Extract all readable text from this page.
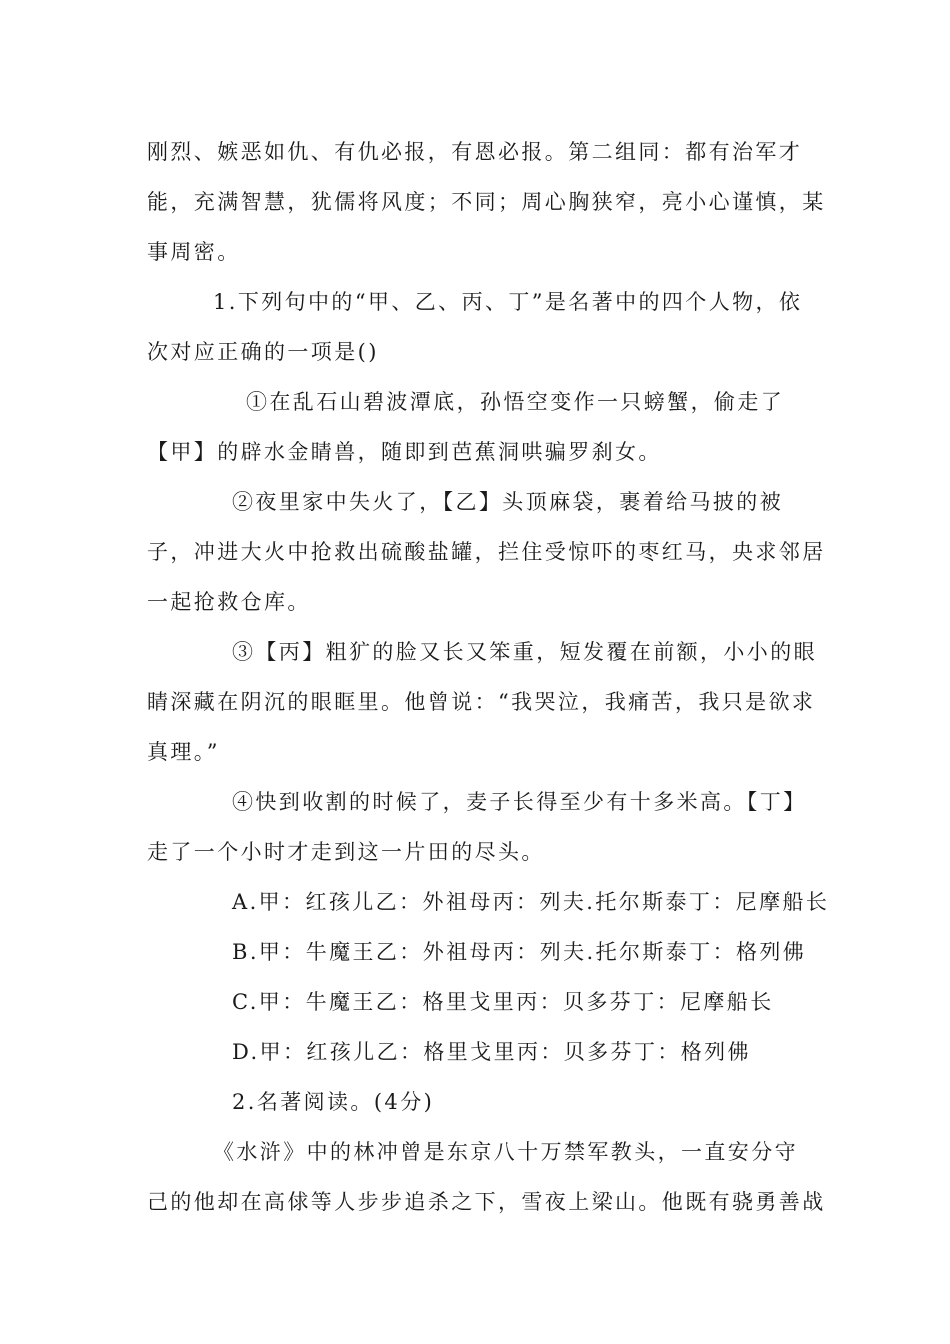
刚烈、嫉恶如仇、有仇必报，有恩必报。第二组同：都有治军才
能，充满智慧，犹儒将风度；不同；周心胸狭窄，亮小心谨慎，某
事周密。
1.下列句中的“甲、乙、丙、丁”是名著中的四个人物，依
次对应正确的一项是()
①在乱石山碧波潭底，孙悟空变作一只螃蟹，偷走了
【甲】的辟水金睛兽，随即到芭蕉洞哄骗罗刹女。
②夜里家中失火了，【乙】头顶麻袋，裹着给马披的被
子，冲进大火中抢救出硫酸盐罐，拦住受惊吓的枣红马，央求邻居
一起抢救仓库。
③【丙】粗犷的脸又长又笨重，短发覆在前额，小小的眼
睛深藏在阴沉的眼眶里。他曾说：“我哭泣，我痛苦，我只是欲求
真理。”
④快到收割的时候了，麦子长得至少有十多米高。【丁】
走了一个小时才走到这一片田的尽头。
A.甲：红孩儿乙：外祖母丙：列夫.托尔斯泰丁：尼摩船长
B.甲：牛魔王乙：外祖母丙：列夫.托尔斯泰丁：格列佛
C.甲：牛魔王乙：格里戈里丙：贝多芬丁：尼摩船长
D.甲：红孩儿乙：格里戈里丙：贝多芬丁：格列佛
2.名著阅读。(4分)
《水浒》中的林冲曾是东京八十万禁军教头，一直安分守
己的他却在高俅等人步步追杀之下，雪夜上梁山。他既有骁勇善战
